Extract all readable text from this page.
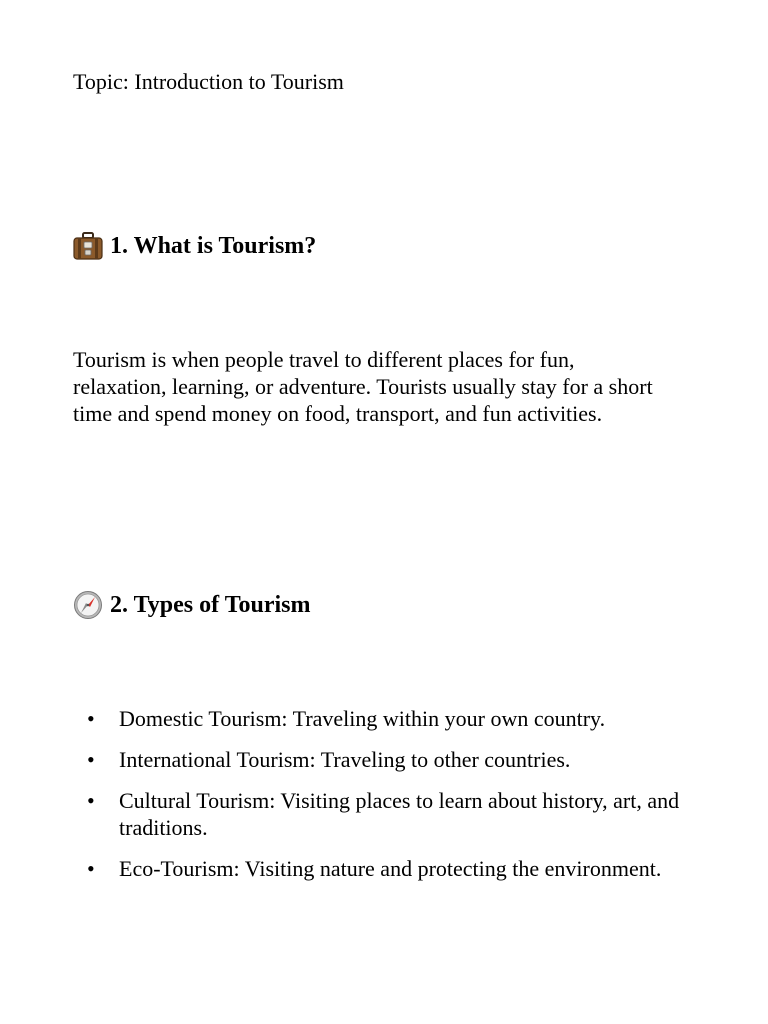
Topic: Introduction to Tourism

1. What is Tourism?

Tourism is when people travel to different places for fun, relaxation, learning, or adventure. Tourists usually stay for a short time and spend money on food, transport, and fun activities.

2. Types of Tourism
• Domestic Tourism: Traveling within your own country.
• International Tourism: Traveling to other countries.
• Cultural Tourism: Visiting places to learn about history, art, and traditions.
• Eco-Tourism: Visiting nature and protecting the environment.
